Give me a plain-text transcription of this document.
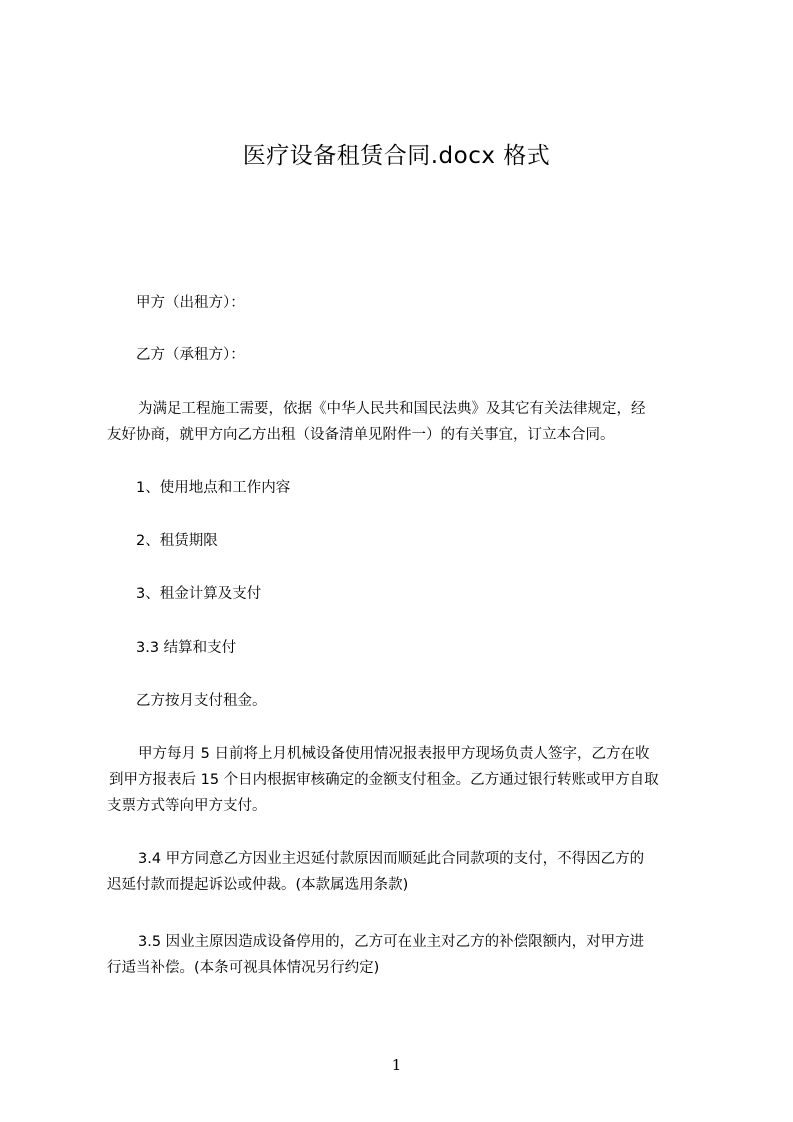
医疗设备租赁合同.docx 格式
甲方（出租方）：
乙方（承租方）：
为满足工程施工需要，依据《中华人民共和国民法典》及其它有关法律规定，经
友好协商，就甲方向乙方出租（设备清单见附件一）的有关事宜，订立本合同。
1、使用地点和工作内容
2、租赁期限
3、租金计算及支付
3.3 结算和支付
乙方按月支付租金。
甲方每月 5 日前将上月机械设备使用情况报表报甲方现场负责人签字，乙方在收
到甲方报表后 15 个日内根据审核确定的金额支付租金。乙方通过银行转账或甲方自取
支票方式等向甲方支付。
3.4 甲方同意乙方因业主迟延付款原因而顺延此合同款项的支付，不得因乙方的
迟延付款而提起诉讼或仲裁。(本款属选用条款)
3.5 因业主原因造成设备停用的，乙方可在业主对乙方的补偿限额内，对甲方进
行适当补偿。(本条可视具体情况另行约定)
1
